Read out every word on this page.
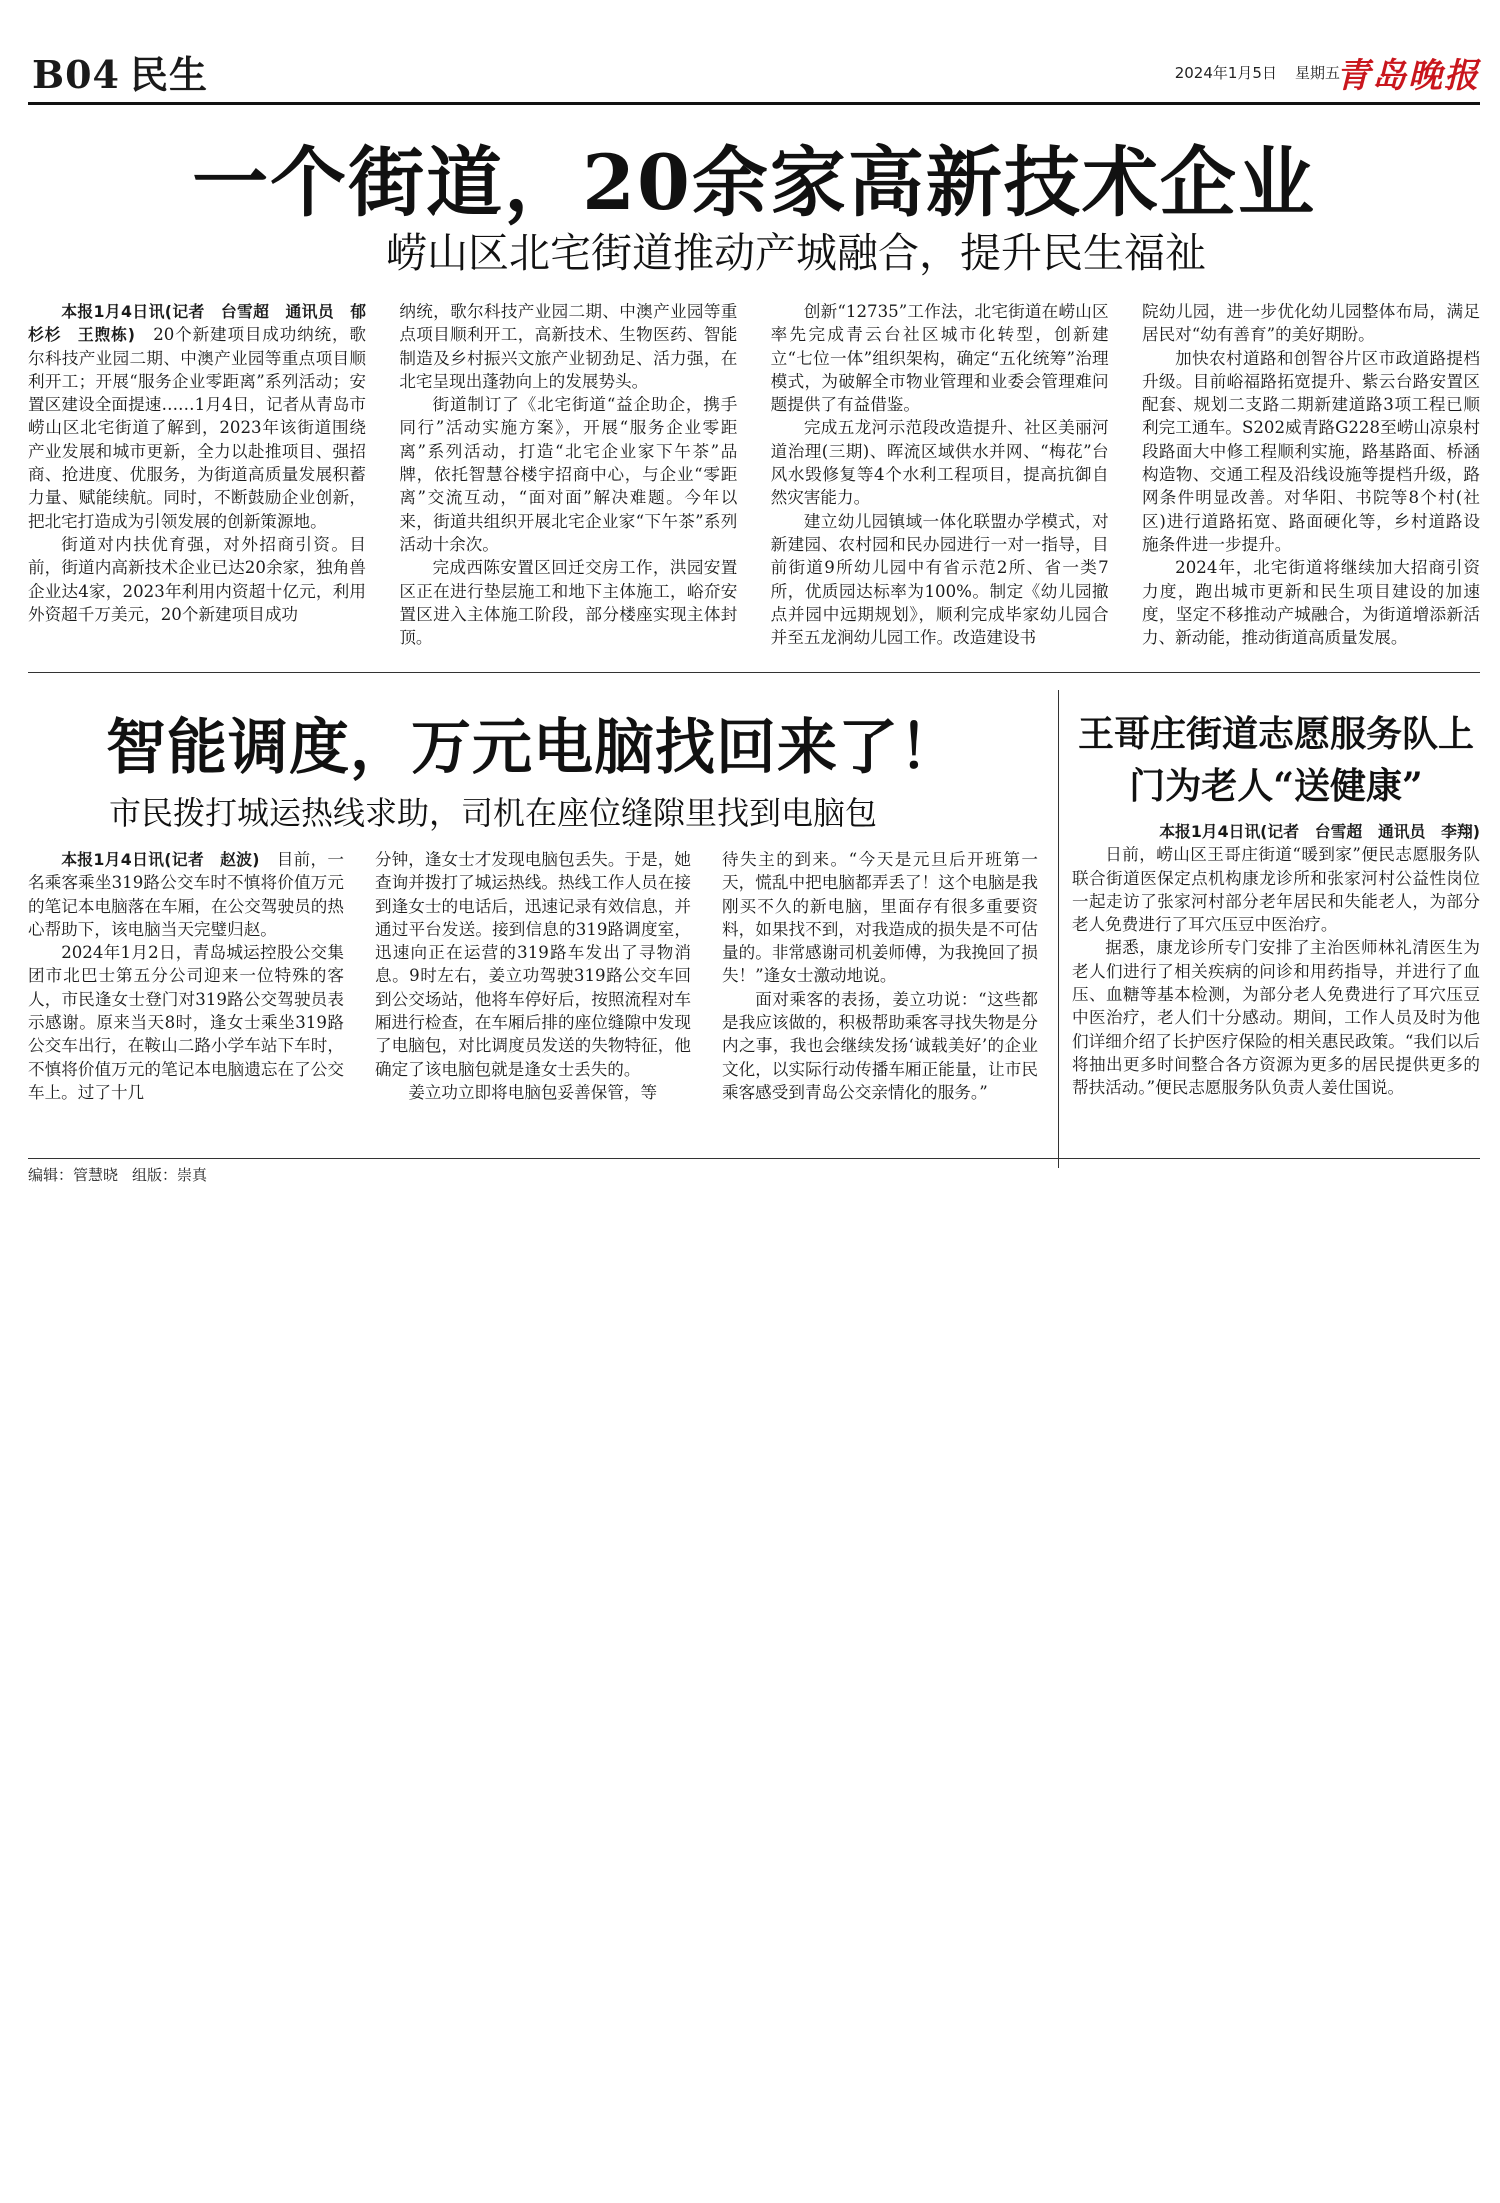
B04 民生	2024年1月5日 星期五
青岛晚报
一个街道，20余家高新技术企业
崂山区北宅街道推动产城融合，提升民生福祉

本报1月4日讯(记者　台雪超　通讯员　郁杉杉　王煦栋)　 20个新建项目成功纳统，歌尔科技产业园二期、中澳产业园等重点项目顺利开工；开展“服务企业零距离”系列活动；安置区建设全面提速……1月4日，记者从青岛市崂山区北宅街道了解到，2023年该街道围绕产业发展和城市更新，全力以赴推项目、强招商、抢进度、优服务，为街道高质量发展积蓄力量、赋能续航。同时，不断鼓励企业创新，把北宅打造成为引领发展的创新策源地。

街道对内扶优育强，对外招商引资。目前，街道内高新技术企业已达20余家，独角兽企业达4家，2023年利用内资超十亿元，利用外资超千万美元，20个新建项目成功

纳统，歌尔科技产业园二期、中澳产业园等重点项目顺利开工，高新技术、生物医药、智能制造及乡村振兴文旅产业韧劲足、活力强，在北宅呈现出蓬勃向上的发展势头。

街道制订了《北宅街道“益企助企，携手同行”活动实施方案》，开展“服务企业零距离”系列活动，打造“北宅企业家下午茶”品牌，依托智慧谷楼宇招商中心，与企业“零距离”交流互动，“面对面”解决难题。今年以来，街道共组织开展北宅企业家“下午茶”系列活动十余次。

完成西陈安置区回迁交房工作，洪园安置区正在进行垫层施工和地下主体施工，峪夼安置区进入主体施工阶段，部分楼座实现主体封顶。

创新“12735”工作法，北宅街道在崂山区率先完成青云台社区城市化转型，创新建立“七位一体”组织架构，确定“五化统筹”治理模式，为破解全市物业管理和业委会管理难问题提供了有益借鉴。

完成五龙河示范段改造提升、社区美丽河道治理(三期)、晖流区域供水并网、“梅花”台风水毁修复等4个水利工程项目，提高抗御自然灾害能力。

建立幼儿园镇域一体化联盟办学模式，对新建园、农村园和民办园进行一对一指导，目前街道9所幼儿园中有省示范2所、省一类7所，优质园达标率为100%。制定《幼儿园撤点并园中远期规划》，顺利完成毕家幼儿园合并至五龙涧幼儿园工作。改造建设书

院幼儿园，进一步优化幼儿园整体布局，满足居民对“幼有善育”的美好期盼。

加快农村道路和创智谷片区市政道路提档升级。目前峪福路拓宽提升、紫云台路安置区配套、规划二支路二期新建道路3项工程已顺利完工通车。S202威青路G228至崂山凉泉村段路面大中修工程顺利实施，路基路面、桥涵构造物、交通工程及沿线设施等提档升级，路网条件明显改善。对华阳、书院等8个村(社区)进行道路拓宽、路面硬化等，乡村道路设施条件进一步提升。

2024年，北宅街道将继续加大招商引资力度，跑出城市更新和民生项目建设的加速度，坚定不移推动产城融合，为街道增添新活力、新动能，推动街道高质量发展。

智能调度，万元电脑找回来了！
市民拨打城运热线求助，司机在座位缝隙里找到电脑包

本报1月4日讯(记者　赵波)　 目前，一名乘客乘坐319路公交车时不慎将价值万元的笔记本电脑落在车厢，在公交驾驶员的热心帮助下，该电脑当天完璧归赵。

2024年1月2日，青岛城运控股公交集团市北巴士第五分公司迎来一位特殊的客人，市民逢女士登门对319路公交驾驶员表示感谢。原来当天8时，逢女士乘坐319路公交车出行，在鞍山二路小学车站下车时，不慎将价值万元的笔记本电脑遗忘在了公交车上。过了十几

分钟，逢女士才发现电脑包丢失。于是，她查询并拨打了城运热线。热线工作人员在接到逢女士的电话后，迅速记录有效信息，并通过平台发送。接到信息的319路调度室，迅速向正在运营的319路车发出了寻物消息。9时左右，姜立功驾驶319路公交车回到公交场站，他将车停好后，按照流程对车厢进行检查，在车厢后排的座位缝隙中发现了电脑包，对比调度员发送的失物特征，他确定了该电脑包就是逢女士丢失的。

姜立功立即将电脑包妥善保管，等

待失主的到来。“今天是元旦后开班第一天，慌乱中把电脑都弄丢了！这个电脑是我刚买不久的新电脑，里面存有很多重要资料，如果找不到，对我造成的损失是不可估量的。非常感谢司机姜师傅，为我挽回了损失！”逢女士激动地说。

面对乘客的表扬，姜立功说：“这些都是我应该做的，积极帮助乘客寻找失物是分内之事，我也会继续发扬‘诚载美好’的企业文化，以实际行动传播车厢正能量，让市民乘客感受到青岛公交亲情化的服务。”

王哥庄街道志愿服务队上门为老人“送健康”

本报1月4日讯(记者　台雪超　通讯员　李翔)

日前，崂山区王哥庄街道“暖到家”便民志愿服务队联合街道医保定点机构康龙诊所和张家河村公益性岗位一起走访了张家河村部分老年居民和失能老人，为部分老人免费进行了耳穴压豆中医治疗。

据悉，康龙诊所专门安排了主治医师林礼清医生为老人们进行了相关疾病的问诊和用药指导，并进行了血压、血糖等基本检测，为部分老人免费进行了耳穴压豆中医治疗，老人们十分感动。期间，工作人员及时为他们详细介绍了长护医疗保险的相关惠民政策。“我们以后将抽出更多时间整合各方资源为更多的居民提供更多的帮扶活动。”便民志愿服务队负责人姜仕国说。

编辑：管慧晓 组版：崇真
